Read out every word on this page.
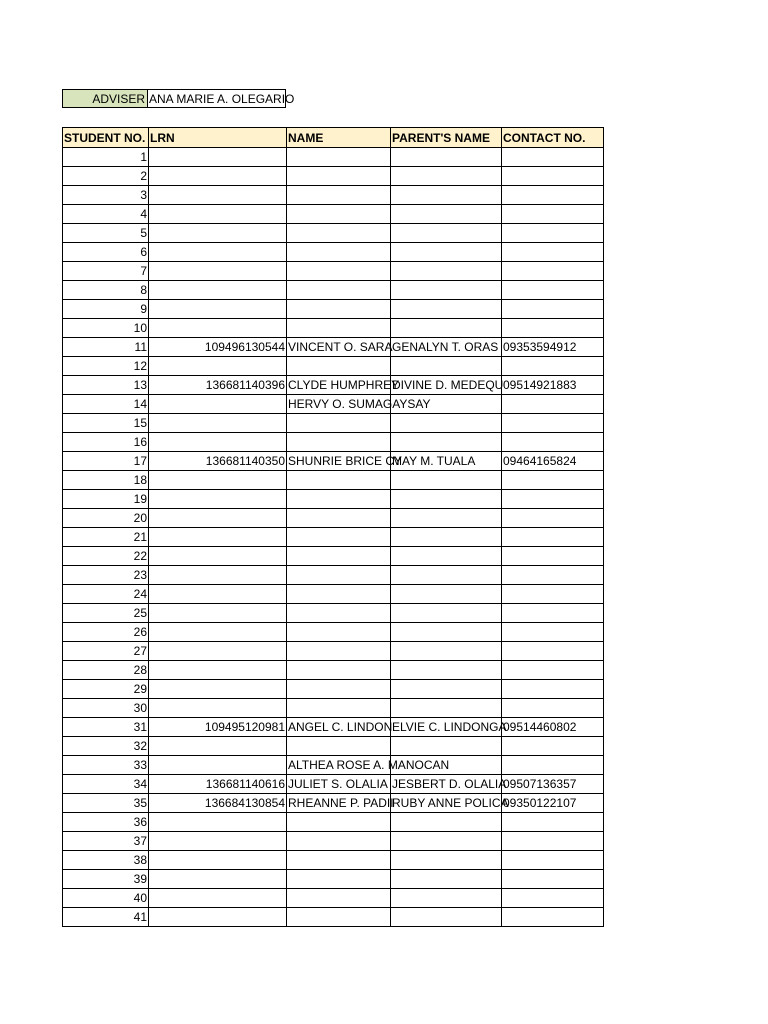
ADVISER ANA MARIE A. OLEGARIO
STUDENT NO.	LRN	NAME	PARENT'S NAME	CONTACT NO.
1				
2				
3				
4				
5				
6				
7				
8				
9				
10				
11	109496130544	VINCENT O. SARA	GENALYN T. ORAS	09353594912
12				
13	136681140396	CLYDE HUMPHREY	DIVINE D. MEDEQU	09514921883
14		HERVY O. SUMAGAYSAY		
15				
16				
17	136681140350	SHUNRIE BRICE CY	MAY M. TUALA	09464165824
18				
19				
20				
21				
22				
23				
24				
25				
26				
27				
28				
29				
30				
31	109495120981	ANGEL C. LINDON	ELVIE C. LINDONGA	09514460802
32				
33		ALTHEA ROSE A. MANOCAN		
34	136681140616	JULIET S. OLALIA	JESBERT D. OLALIA	09507136357
35	136684130854	RHEANNE P. PADII	RUBY ANNE POLICA	09350122107
36				
37				
38				
39				
40				
41				
